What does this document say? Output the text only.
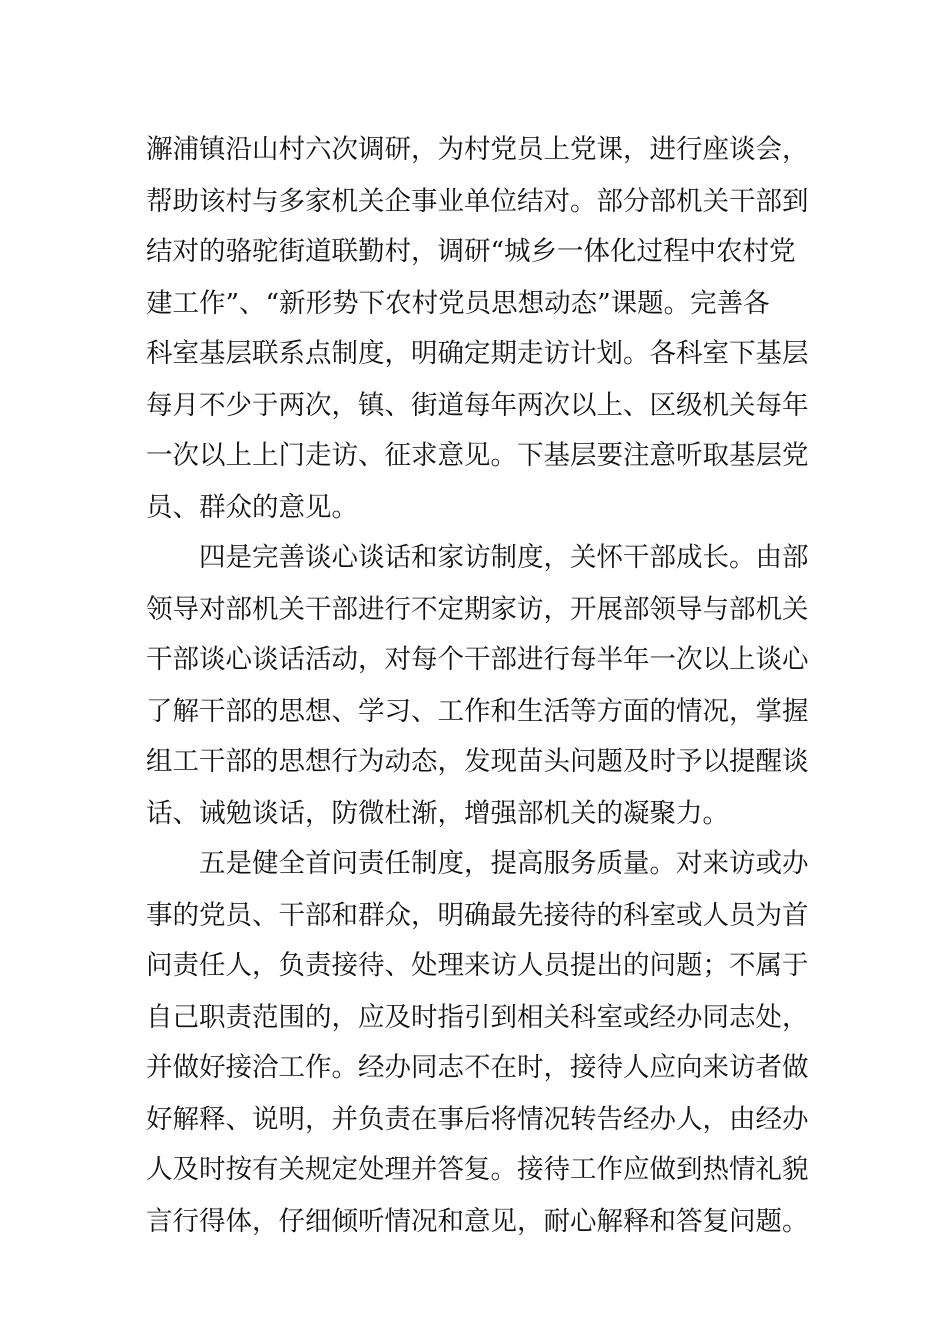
澥浦镇沿山村六次调研，为村党员上党课，进行座谈会，
帮助该村与多家机关企事业单位结对。部分部机关干部到
结对的骆驼街道联勤村，调研“城乡一体化过程中农村党
建工作”、“新形势下农村党员思想动态”课题。完善各
科室基层联系点制度，明确定期走访计划。各科室下基层
每月不少于两次，镇、街道每年两次以上、区级机关每年
一次以上上门走访、征求意见。下基层要注意听取基层党
员、群众的意见。
四是完善谈心谈话和家访制度，关怀干部成长。由部
领导对部机关干部进行不定期家访，开展部领导与部机关
干部谈心谈话活动，对每个干部进行每半年一次以上谈心
了解干部的思想、学习、工作和生活等方面的情况，掌握
组工干部的思想行为动态，发现苗头问题及时予以提醒谈
话、诫勉谈话，防微杜渐，增强部机关的凝聚力。
五是健全首问责任制度，提高服务质量。对来访或办
事的党员、干部和群众，明确最先接待的科室或人员为首
问责任人，负责接待、处理来访人员提出的问题；不属于
自己职责范围的，应及时指引到相关科室或经办同志处，
并做好接洽工作。经办同志不在时，接待人应向来访者做
好解释、说明，并负责在事后将情况转告经办人，由经办
人及时按有关规定处理并答复。接待工作应做到热情礼貌
言行得体，仔细倾听情况和意见，耐心解释和答复问题。
